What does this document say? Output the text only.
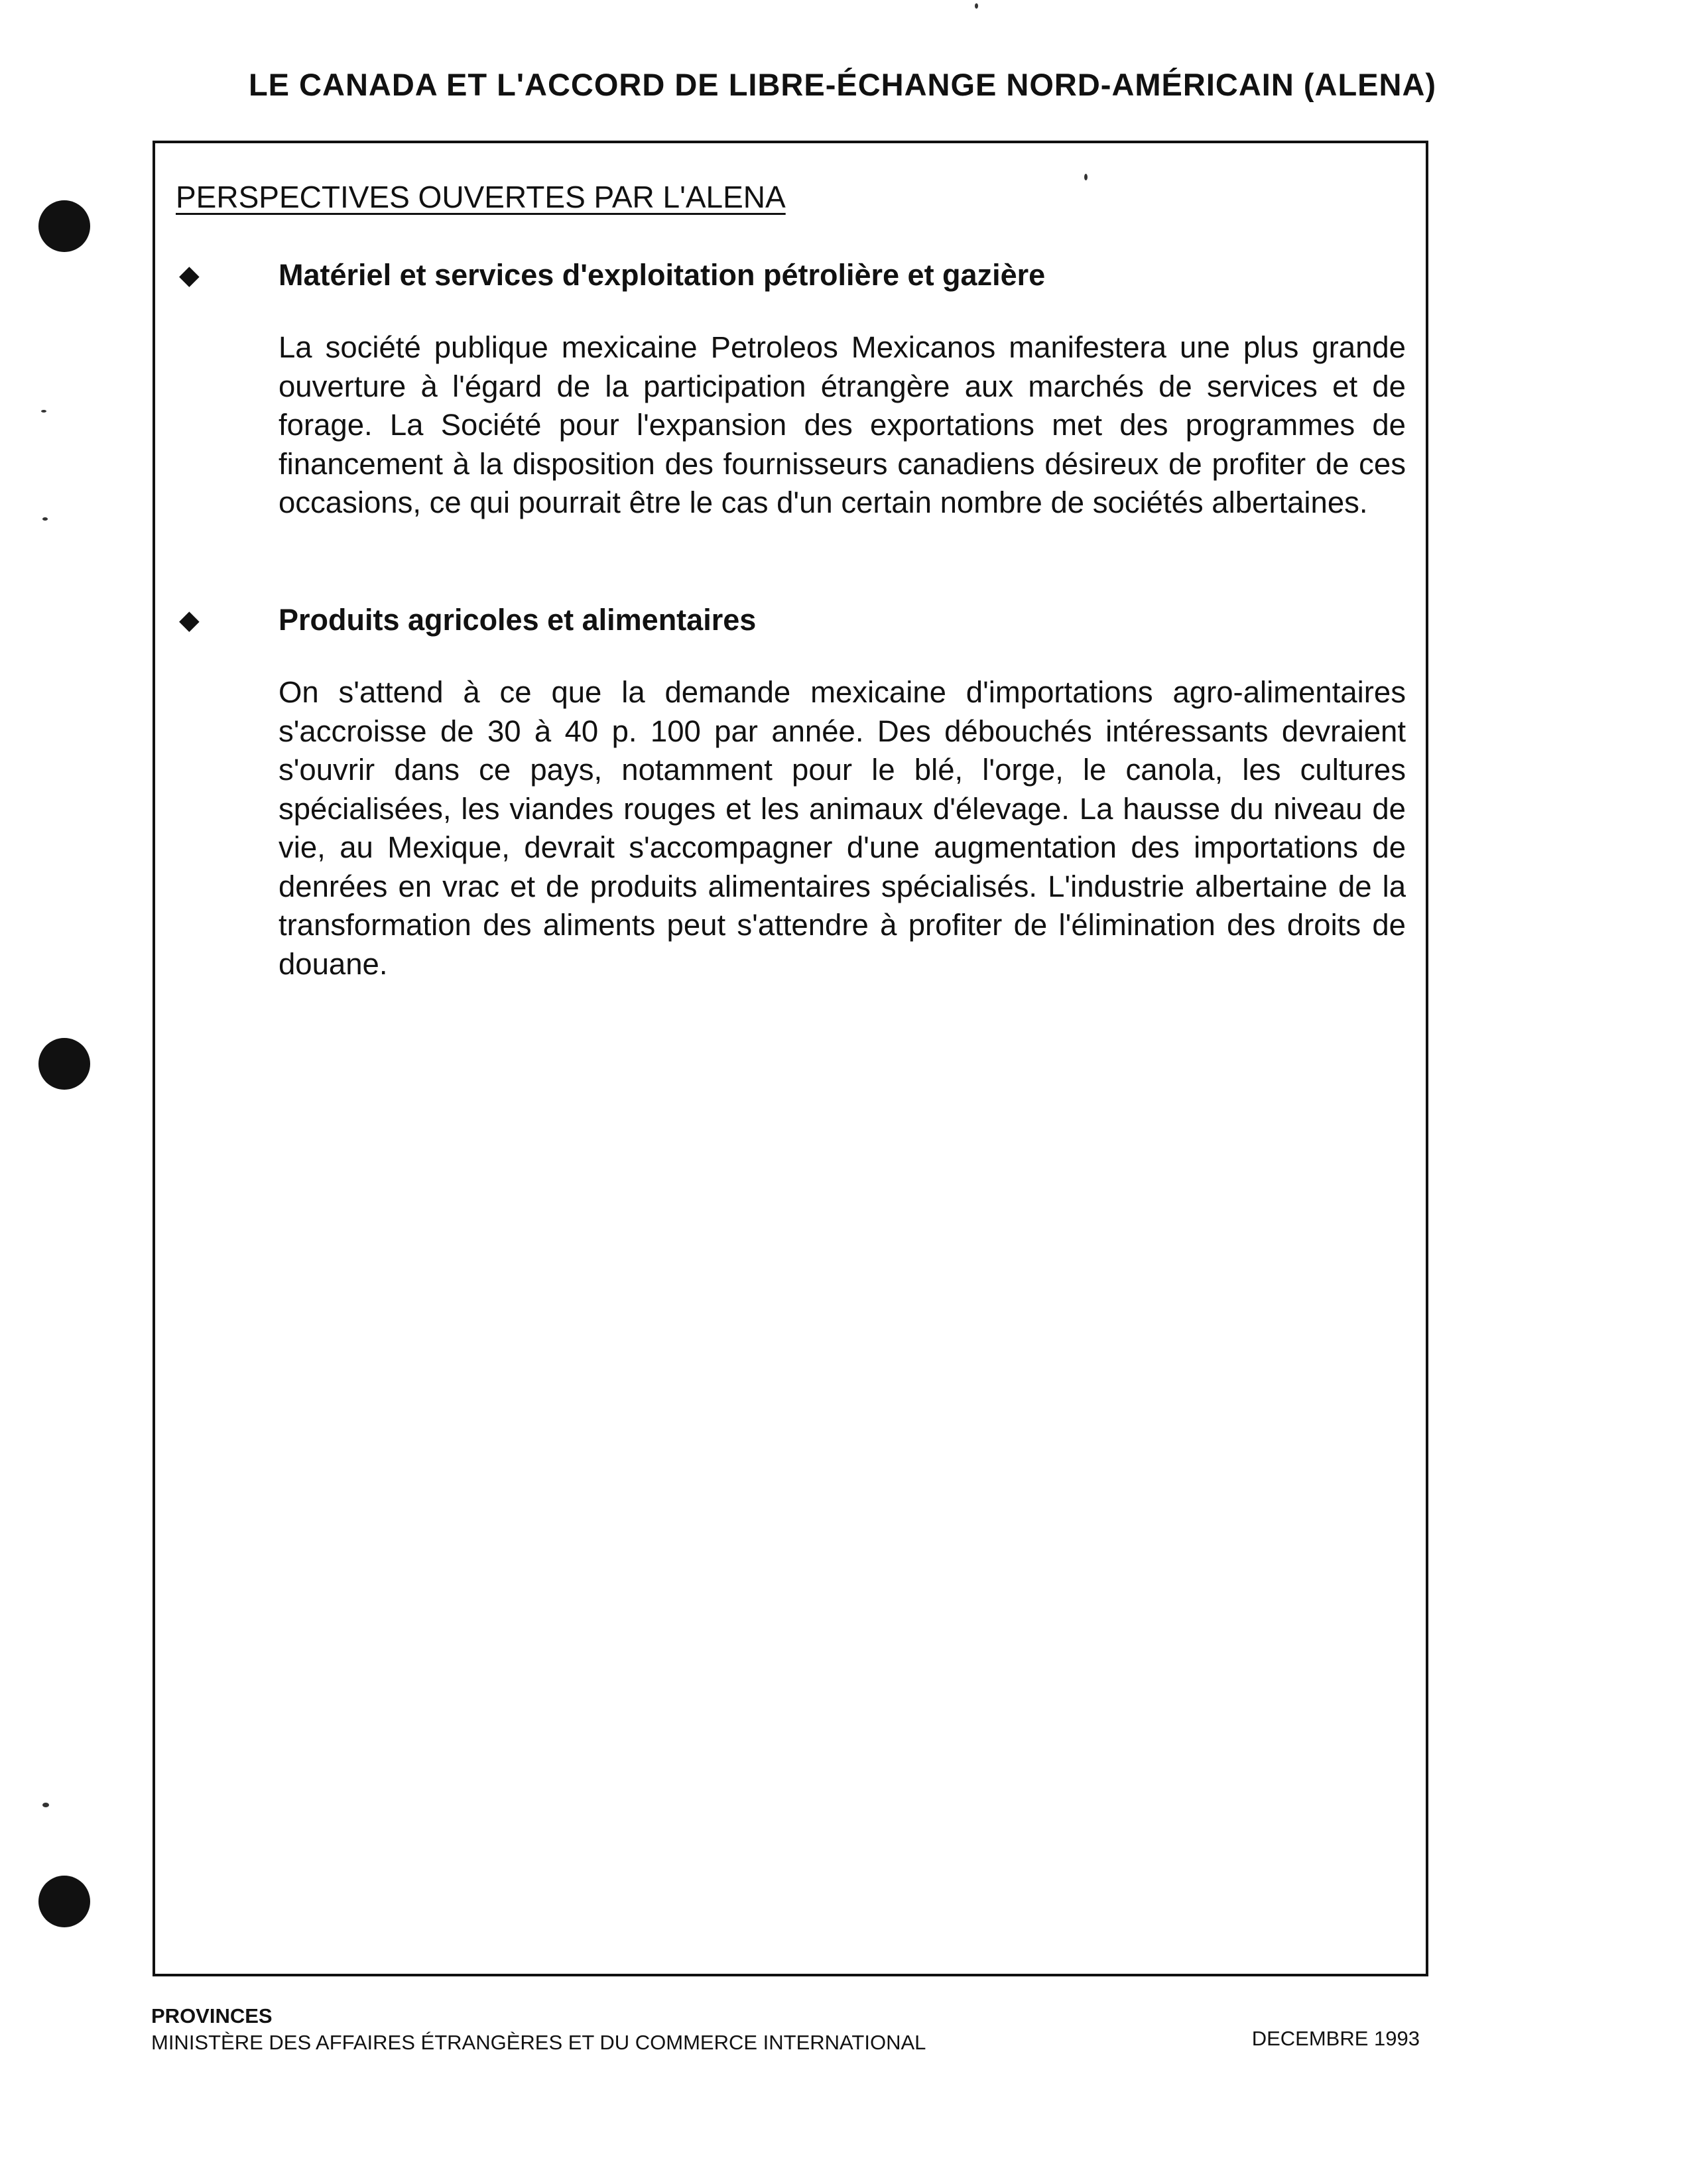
LE CANADA ET L'ACCORD DE LIBRE-ÉCHANGE NORD-AMÉRICAIN (ALENA)
PERSPECTIVES OUVERTES PAR L'ALENA
◆	Matériel et services d'exploitation pétrolière et gazière
La société publique mexicaine Petroleos Mexicanos manifestera une plus grande ouverture à l'égard de la participation étrangère aux marchés de services et de forage. La Société pour l'expansion des exportations met des programmes de financement à la disposition des fournisseurs canadiens désireux de profiter de ces occasions, ce qui pourrait être le cas d'un certain nombre de sociétés albertaines.
◆	Produits agricoles et alimentaires
On s'attend à ce que la demande mexicaine d'importations agro-alimentaires s'accroisse de 30 à 40 p. 100 par année. Des débouchés intéressants devraient s'ouvrir dans ce pays, notamment pour le blé, l'orge, le canola, les cultures spécialisées, les viandes rouges et les animaux d'élevage. La hausse du niveau de vie, au Mexique, devrait s'accompagner d'une augmentation des importations de denrées en vrac et de produits alimentaires spécialisés. L'industrie albertaine de la transformation des aliments peut s'attendre à profiter de l'élimination des droits de douane.
PROVINCES
MINISTÈRE DES AFFAIRES ÉTRANGÈRES ET DU COMMERCE INTERNATIONAL	DECEMBRE 1993
